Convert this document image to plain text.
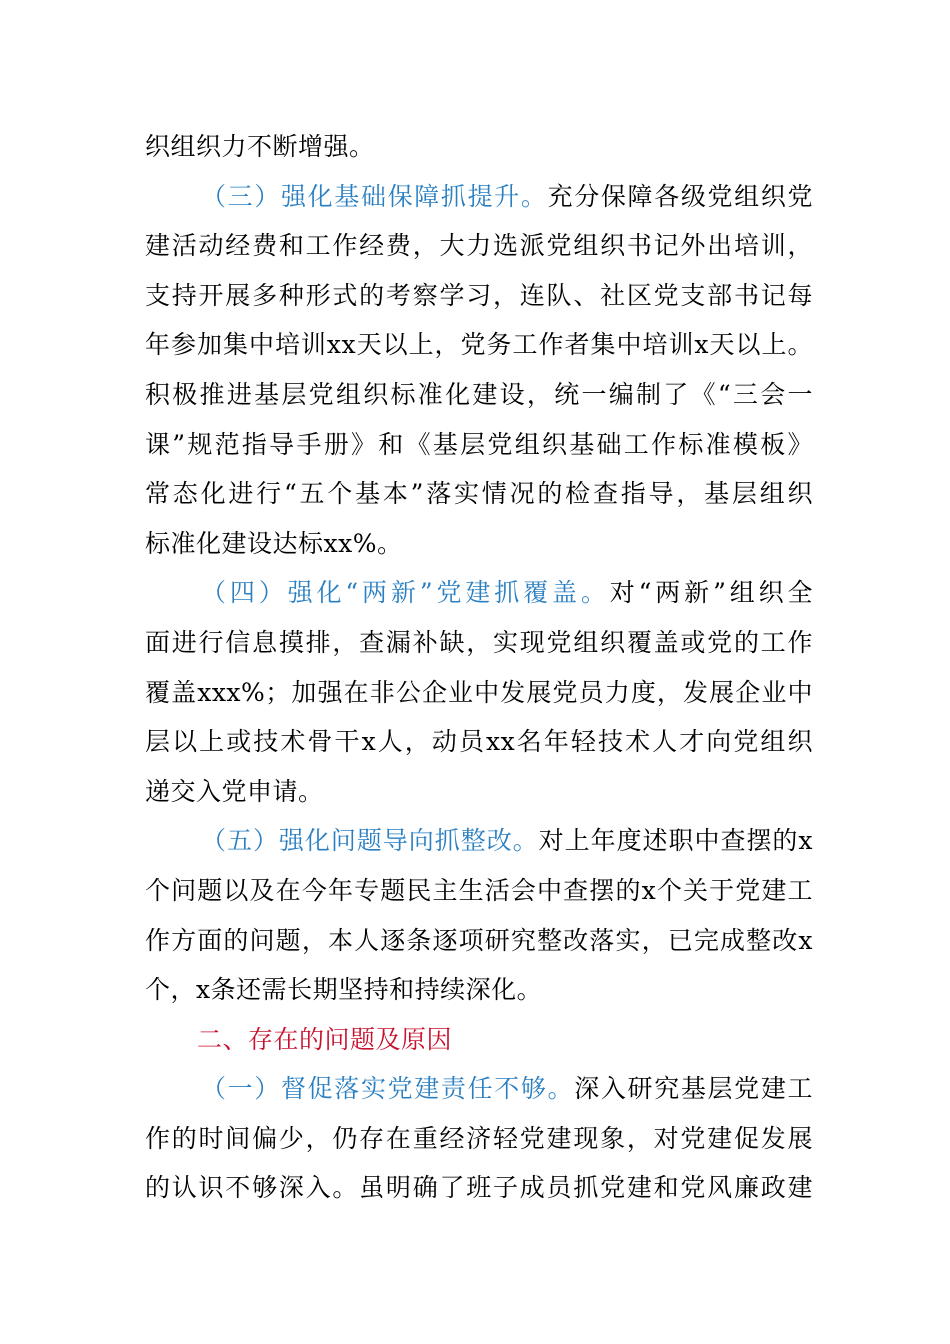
织组织力不断增强。
（三）强化基础保障抓提升。充分保障各级党组织党
建活动经费和工作经费，大力选派党组织书记外出培训，
支持开展多种形式的考察学习，连队、社区党支部书记每
年参加集中培训xx天以上，党务工作者集中培训x天以上。
积极推进基层党组织标准化建设，统一编制了《“三会一
课”规范指导手册》和《基层党组织基础工作标准模板》
常态化进行“五个基本”落实情况的检查指导，基层组织
标准化建设达标xx%。
（四）强化“两新”党建抓覆盖。对“两新”组织全
面进行信息摸排，查漏补缺，实现党组织覆盖或党的工作
覆盖xxx%；加强在非公企业中发展党员力度，发展企业中
层以上或技术骨干x人，动员xx名年轻技术人才向党组织
递交入党申请。
（五）强化问题导向抓整改。对上年度述职中查摆的x
个问题以及在今年专题民主生活会中查摆的x个关于党建工
作方面的问题，本人逐条逐项研究整改落实，已完成整改x
个，x条还需长期坚持和持续深化。
二、存在的问题及原因
（一）督促落实党建责任不够。深入研究基层党建工
作的时间偏少，仍存在重经济轻党建现象，对党建促发展
的认识不够深入。虽明确了班子成员抓党建和党风廉政建
